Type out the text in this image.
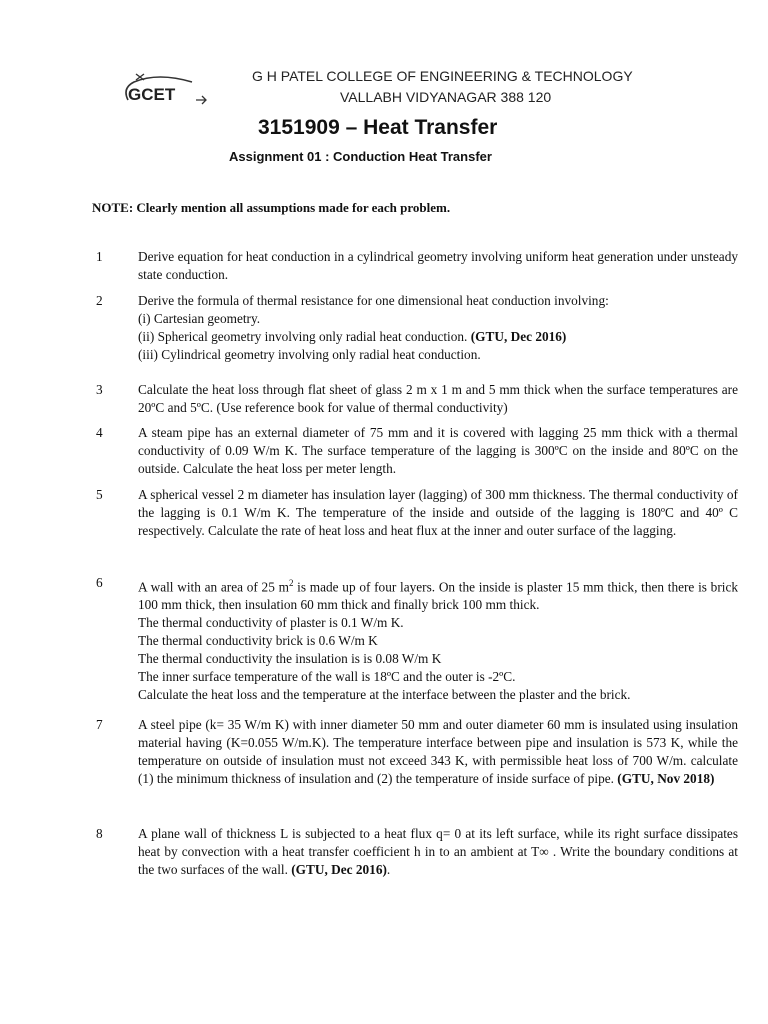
GCET
G H PATEL COLLEGE OF ENGINEERING & TECHNOLOGY
VALLABH VIDYANAGAR 388 120
3151909 – Heat Transfer
Assignment 01 : Conduction Heat Transfer
NOTE: Clearly mention all assumptions made for each problem.
1	Derive equation for heat conduction in a cylindrical geometry involving uniform heat generation under unsteady state conduction.

2	Derive the formula of thermal resistance for one dimensional heat conduction involving:

(i) Cartesian geometry.

(ii) Spherical geometry involving only radial heat conduction. (GTU, Dec 2016)

(iii) Cylindrical geometry involving only radial heat conduction.

3	Calculate the heat loss through flat sheet of glass 2 m x 1 m and 5 mm thick when the surface temperatures are 20ºC and 5ºC. (Use reference book for value of thermal conductivity)

4	A steam pipe has an external diameter of 75 mm and it is covered with lagging 25 mm thick with a thermal conductivity of 0.09 W/m K. The surface temperature of the lagging is 300ºC on the inside and 80ºC on the outside. Calculate the heat loss per meter length.

5	A spherical vessel 2 m diameter has insulation layer (lagging) of 300 mm thickness. The thermal conductivity of the lagging is 0.1 W/m K. The temperature of the inside and outside of the lagging is 180ºC and 40º C respectively. Calculate the rate of heat loss and heat flux at the inner and outer surface of the lagging.

6	A wall with an area of 25 $m^2$ is made up of four layers. On the inside is plaster 15 mm thick, then there is brick 100 mm thick, then insulation 60 mm thick and finally brick 100 mm thick.

The thermal conductivity of plaster is 0.1 W/m K.

The thermal conductivity brick is 0.6 W/m K

The thermal conductivity the insulation is is 0.08 W/m K

The inner surface temperature of the wall is 18ºC and the outer is -2ºC.

Calculate the heat loss and the temperature at the interface between the plaster and the brick.

7	A steel pipe (k= 35 W/m K) with inner diameter 50 mm and outer diameter 60 mm is insulated using insulation material having (K=0.055 W/m.K). The temperature interface between pipe and insulation is 573 K, while the temperature on outside of insulation must not exceed 343 K, with permissible heat loss of 700 W/m. calculate (1) the minimum thickness of insulation and (2) the temperature of inside surface of pipe. (GTU, Nov 2018)

8	A plane wall of thickness L is subjected to a heat flux q= 0 at its left surface, while its right surface dissipates heat by convection with a heat transfer coefficient h in to an ambient at T∞ . Write the boundary conditions at the two surfaces of the wall. (GTU, Dec 2016).
